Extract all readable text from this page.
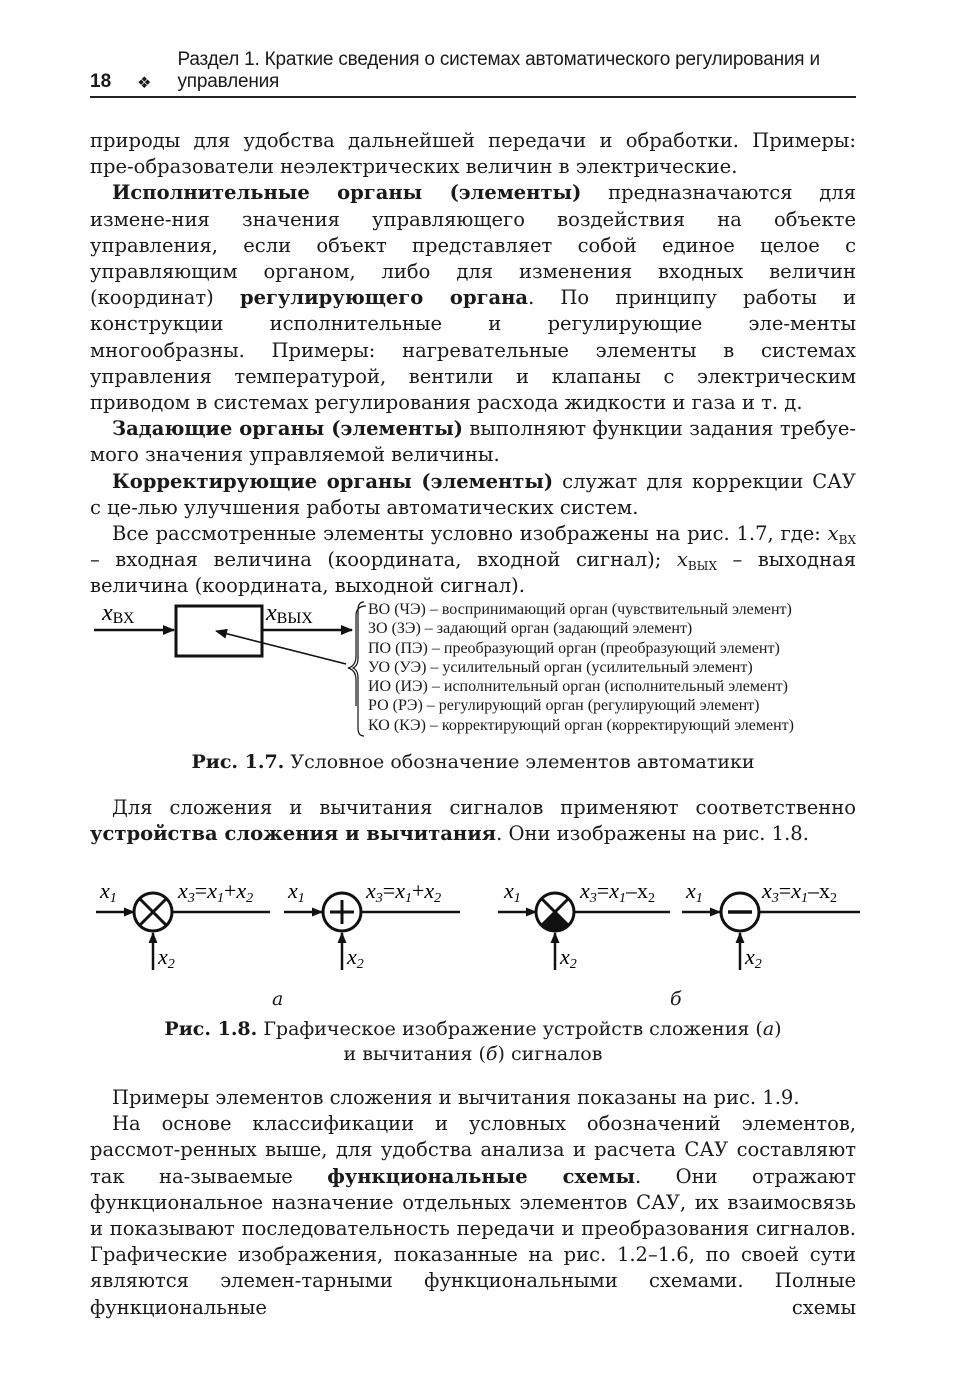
18 ❖
Раздел 1. Краткие сведения о системах автоматического регулирования и управления

природы для удобства дальнейшей передачи и обработки. Примеры: пре-образователи неэлектрических величин в электрические.

Исполнительные органы (элементы) предназначаются для измене-ния значения управляющего воздействия на объекте управления, если объект представляет собой единое целое с управляющим органом, либо для изменения входных величин (координат) регулирующего органа. По принципу работы и конструкции исполнительные и регулирующие эле-менты многообразны. Примеры: нагревательные элементы в системах управления температурой, вентили и клапаны с электрическим приводом в системах регулирования расхода жидкости и газа и т. д.

Задающие органы (элементы) выполняют функции задания требуе-мого значения управляемой величины.

Корректирующие органы (элементы) служат для коррекции САУ с це-лью улучшения работы автоматических систем.

Все рассмотренные элементы условно изображены на рис. 1.7, где: $x_{ВХ}$ – входная величина (координата, входной сигнал); $x_{ВЫХ}$ – выходная величина (координата, выходной сигнал).

xВХ	xВЫХ
ВО (ЧЭ) – воспринимающий орган (чувствительный элемент)
ЗО (ЗЭ) – задающий орган (задающий элемент)
ПО (ПЭ) – преобразующий орган (преобразующий элемент)
УО (УЭ) – усилительный орган (усилительный элемент)
ИО (ИЭ) – исполнительный орган (исполнительный элемент)
РО (РЭ) – регулирующий орган (регулирующий элемент)
КО (КЭ) – корректирующий орган (корректирующий элемент)
Рис. 1.7. Условное обозначение элементов автоматики

Для сложения и вычитания сигналов применяют соответственно устройства сложения и вычитания. Они изображены на рис. 1.8.

x1	x3=x1+x2
x2
x1	x3=x1+x2
x2
x1	x3=x1–x2
x2
x1	x3=x1–x2
x2
а	б
Рис. 1.8. Графическое изображение устройств сложения (а)
и вычитания (б) сигналов

Примеры элементов сложения и вычитания показаны на рис. 1.9.

На основе классификации и условных обозначений элементов, рассмот-ренных выше, для удобства анализа и расчета САУ составляют так на-зываемые функциональные схемы. Они отражают функциональное назначение отдельных элементов САУ, их взаимосвязь и показывают последовательность передачи и преобразования сигналов. Графические изображения, показанные на рис. 1.2–1.6, по своей сути являются элемен-тарными функциональными схемами. Полные функциональные схемы
